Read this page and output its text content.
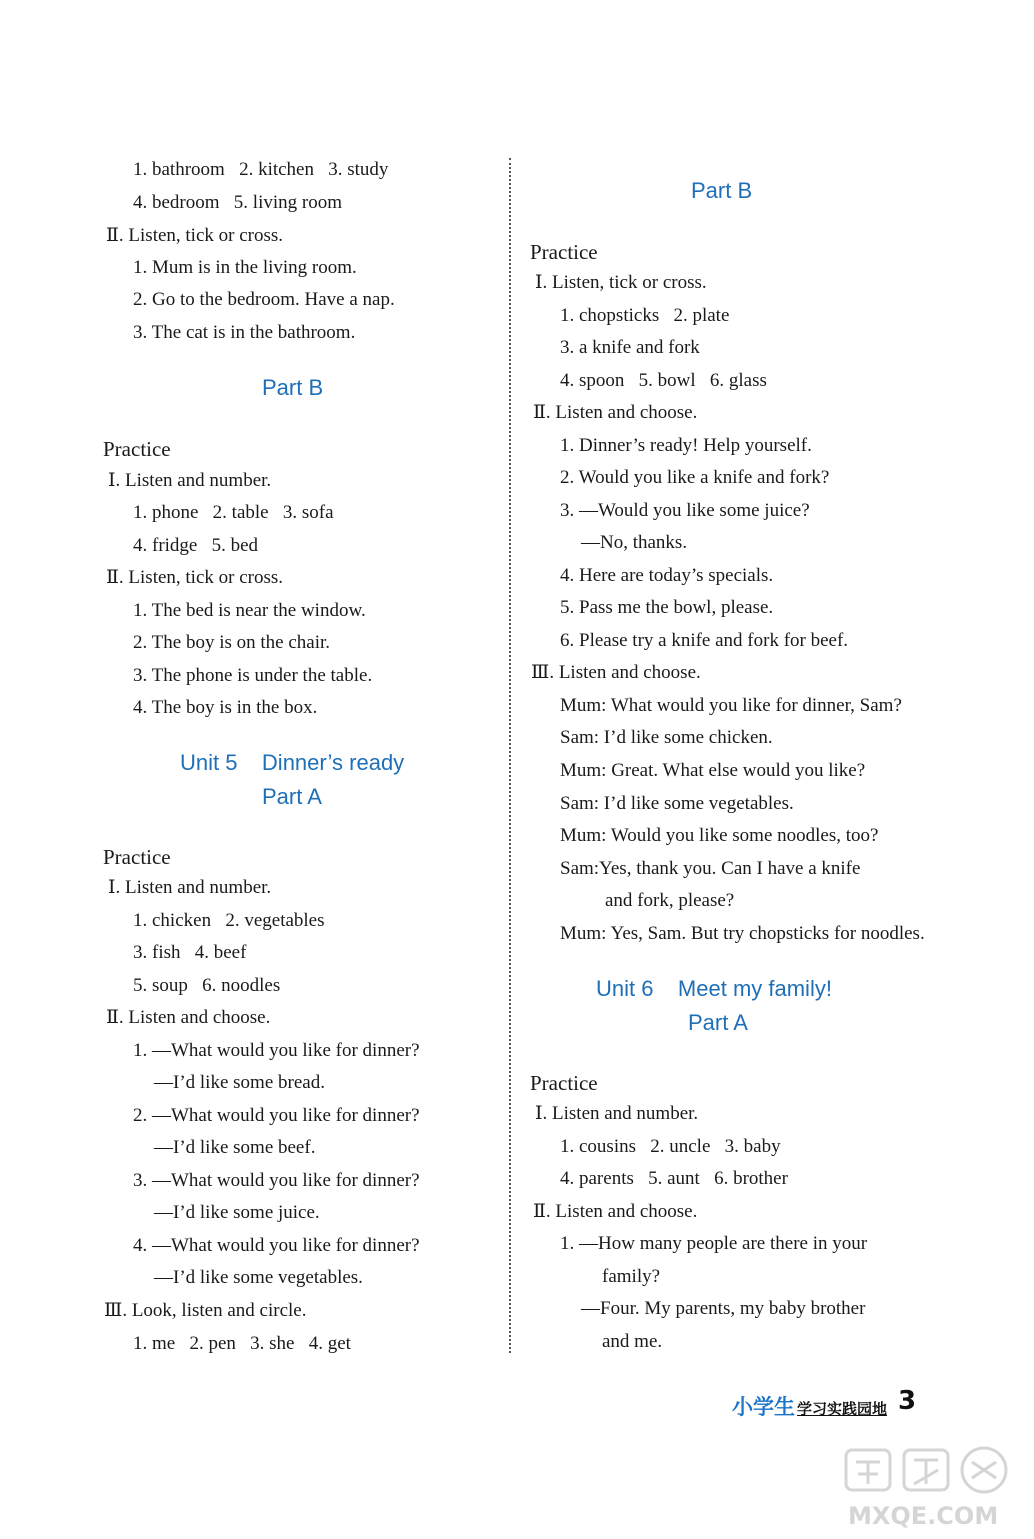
1. bathroom   2. kitchen   3. study
4. bedroom   5. living room
Ⅱ. Listen, tick or cross.
1. Mum is in the living room.
2. Go to the bedroom. Have a nap.
3. The cat is in the bathroom.
Part B
Practice
Ⅰ. Listen and number.
1. phone   2. table   3. sofa
4. fridge   5. bed
Ⅱ. Listen, tick or cross.
1. The bed is near the window.
2. The boy is on the chair.
3. The phone is under the table.
4. The boy is in the box.
Unit 5    Dinner’s ready
Part A
Practice
Ⅰ. Listen and number.
1. chicken   2. vegetables
3. fish   4. beef
5. soup   6. noodles
Ⅱ. Listen and choose.
1. —What would you like for dinner?
—I’d like some bread.
2. —What would you like for dinner?
—I’d like some beef.
3. —What would you like for dinner?
—I’d like some juice.
4. —What would you like for dinner?
—I’d like some vegetables.
Ⅲ. Look, listen and circle.
1. me   2. pen   3. she   4. get
Part B
Practice
Ⅰ. Listen, tick or cross.
1. chopsticks   2. plate
3. a knife and fork
4. spoon   5. bowl   6. glass
Ⅱ. Listen and choose.
1. Dinner’s ready! Help yourself.
2. Would you like a knife and fork?
3. —Would you like some juice?
—No, thanks.
4. Here are today’s specials.
5. Pass me the bowl, please.
6. Please try a knife and fork for beef.
Ⅲ. Listen and choose.
Mum: What would you like for dinner, Sam?
Sam: I’d like some chicken.
Mum: Great. What else would you like?
Sam: I’d like some vegetables.
Mum: Would you like some noodles, too?
Sam:Yes, thank you. Can I have a knife
and fork, please?
Mum: Yes, Sam. But try chopsticks for noodles.
Unit 6    Meet my family!
Part A
Practice
Ⅰ. Listen and number.
1. cousins   2. uncle   3. baby
4. parents   5. aunt   6. brother
Ⅱ. Listen and choose.
1. —How many people are there in your
family?
—Four. My parents, my baby brother
and me.
小学生 学习实践园地 3
MXQE.COM
